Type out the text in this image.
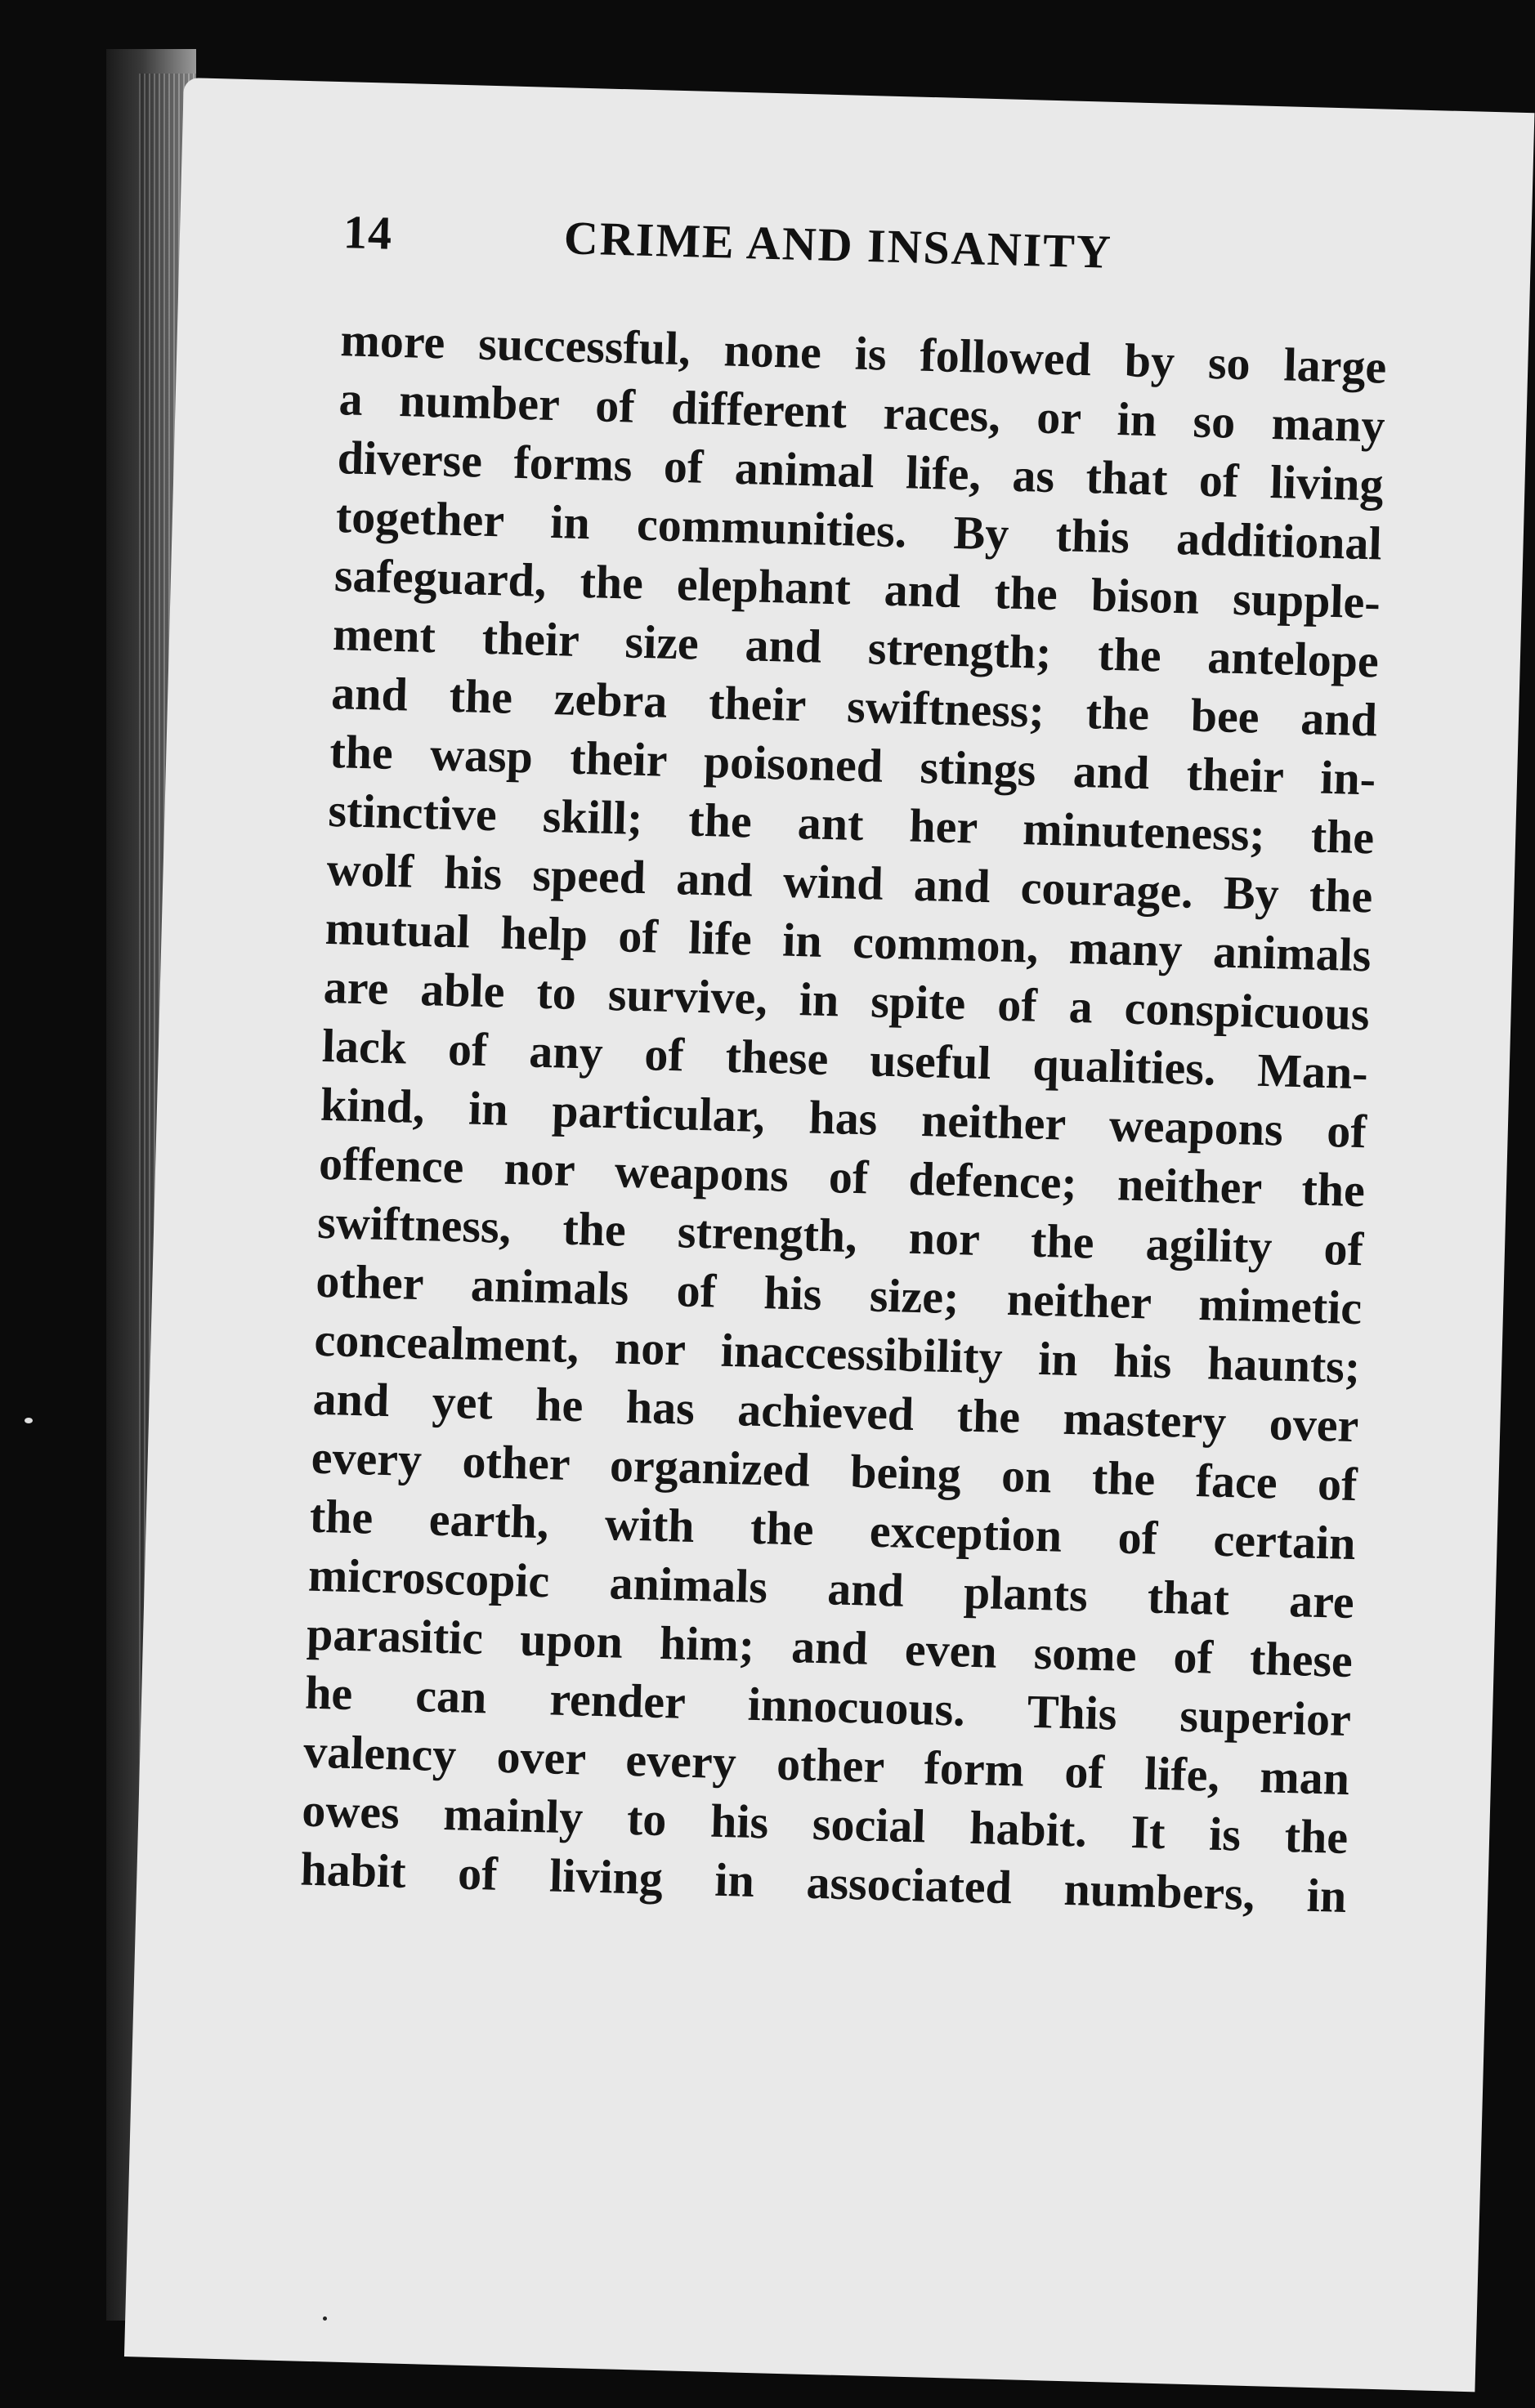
14	CRIME AND INSANITY
more successful, none is followed by so large
a number of different races, or in so many
diverse forms of animal life, as that of living
together in communities. By this additional
safeguard, the elephant and the bison supple-
ment their size and strength; the antelope
and the zebra their swiftness; the bee and
the wasp their poisoned stings and their in-
stinctive skill; the ant her minuteness; the
wolf his speed and wind and courage. By the
mutual help of life in common, many animals
are able to survive, in spite of a conspicuous
lack of any of these useful qualities. Man-
kind, in particular, has neither weapons of
offence nor weapons of defence; neither the
swiftness, the strength, nor the agility of
other animals of his size; neither mimetic
concealment, nor inaccessibility in his haunts;
and yet he has achieved the mastery over
every other organized being on the face of
the earth, with the exception of certain
microscopic animals and plants that are
parasitic upon him; and even some of these
he can render innocuous. This superior
valency over every other form of life, man
owes mainly to his social habit. It is the
habit of living in associated numbers, in
